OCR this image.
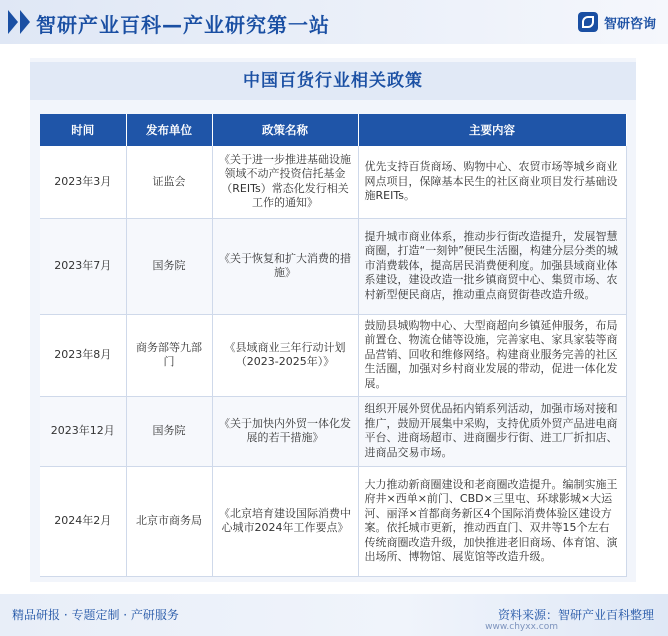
智研产业百科—产业研究第一站	智研咨询
中国百货行业相关政策
时间	发布单位	政策名称	主要内容
2023年3月	证监会	《关于进一步推进基础设施领域不动产投资信托基金（REITs）常态化发行相关工作的通知》	优先支持百货商场、购物中心、农贸市场等城乡商业网点项目，保障基本民生的社区商业项目发行基础设施REITs。
2023年7月	国务院	《关于恢复和扩大消费的措施》	提升城市商业体系，推动步行街改造提升，发展智慧商圈，打造“一刻钟”便民生活圈，构建分层分类的城市消费载体，提高居民消费便利度。加强县域商业体系建设，建设改造一批乡镇商贸中心、集贸市场、农村新型便民商店，推动重点商贸街巷改造升级。
2023年8月	商务部等九部门	《县域商业三年行动计划（2023-2025年）》	鼓励县城购物中心、大型商超向乡镇延伸服务，布局前置仓、物流仓储等设施，完善家电、家具家装等商品营销、回收和维修网络。构建商业服务完善的社区生活圈，加强对乡村商业发展的带动，促进一体化发展。
2023年12月	国务院	《关于加快内外贸一体化发展的若干措施》	组织开展外贸优品拓内销系列活动，加强市场对接和推广，鼓励开展集中采购，支持优质外贸产品进电商平台、进商场超市、进商圈步行街、进工厂折扣店、进商品交易市场。
2024年2月	北京市商务局	《北京培育建设国际消费中心城市2024年工作要点》	大力推动新商圈建设和老商圈改造提升。编制实施王府井×西单×前门、CBD×三里屯、环球影城×大运河、丽泽×首都商务新区4个国际消费体验区建设方案。依托城市更新，推动西直门、双井等15个左右传统商圈改造升级，加快推进老旧商场、体育馆、演出场所、博物馆、展览馆等改造升级。
精品研报 · 专题定制 · 产研服务	资料来源：智研产业百科整理
www.chyxx.com
